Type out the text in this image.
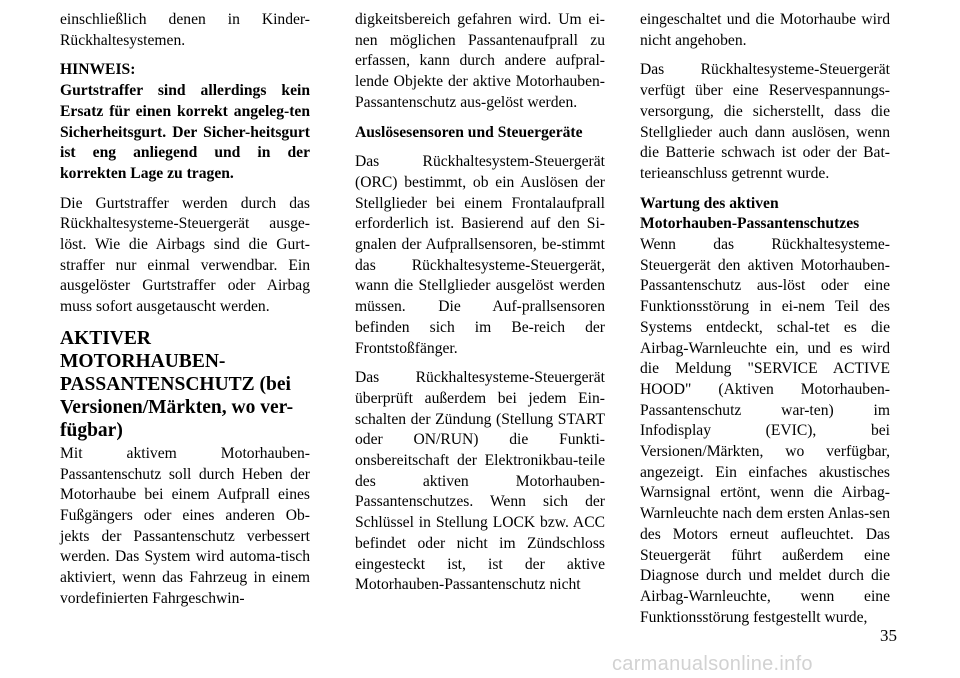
einschließlich denen in Kinder-Rückhaltesystemen.

HINWEIS:

Gurtstraffer sind allerdings kein Ersatz für einen korrekt angeleg-ten Sicherheitsgurt. Der Sicher-heitsgurt ist eng anliegend und in der korrekten Lage zu tragen.

Die Gurtstraffer werden durch das Rückhaltesysteme-Steuergerät ausge-löst. Wie die Airbags sind die Gurt-straffer nur einmal verwendbar. Ein ausgelöster Gurtstraffer oder Airbag muss sofort ausgetauscht werden.

AKTIVER MOTORHAUBEN-PASSANTENSCHUTZ (bei Versionen/Märkten, wo ver-fügbar)

Mit aktivem Motorhauben-Passantenschutz soll durch Heben der Motorhaube bei einem Aufprall eines Fußgängers oder eines anderen Ob-jekts der Passantenschutz verbessert werden. Das System wird automa-tisch aktiviert, wenn das Fahrzeug in einem vordefinierten Fahrgeschwin-

digkeitsbereich gefahren wird. Um ei-nen möglichen Passantenaufprall zu erfassen, kann durch andere aufpral-lende Objekte der aktive Motorhauben-Passantenschutz aus-gelöst werden.

Auslösesensoren und Steuergeräte

Das Rückhaltesystem-Steuergerät (ORC) bestimmt, ob ein Auslösen der Stellglieder bei einem Frontalaufprall erforderlich ist. Basierend auf den Si-gnalen der Aufprallsensoren, be-stimmt das Rückhaltesysteme-Steuergerät, wann die Stellglieder ausgelöst werden müssen. Die Auf-prallsensoren befinden sich im Be-reich der Frontstoßfänger.

Das Rückhaltesysteme-Steuergerät überprüft außerdem bei jedem Ein-schalten der Zündung (Stellung START oder ON/RUN) die Funkti-onsbereitschaft der Elektronikbau-teile des aktiven Motorhauben-Passantenschutzes. Wenn sich der Schlüssel in Stellung LOCK bzw. ACC befindet oder nicht im Zündschloss eingesteckt ist, ist der aktive Motorhauben-Passantenschutz nicht

eingeschaltet und die Motorhaube wird nicht angehoben.

Das Rückhaltesysteme-Steuergerät verfügt über eine Reservespannungs-versorgung, die sicherstellt, dass die Stellglieder auch dann auslösen, wenn die Batterie schwach ist oder der Bat-terieanschluss getrennt wurde.

Wartung des aktiven
Motorhauben-Passantenschutzes

Wenn das Rückhaltesysteme-Steuergerät den aktiven Motorhauben-Passantenschutz aus-löst oder eine Funktionsstörung in ei-nem Teil des Systems entdeckt, schal-tet es die Airbag-Warnleuchte ein, und es wird die Meldung "SERVICE ACTIVE HOOD" (Aktiven Motorhauben-Passantenschutz war-ten) im Infodisplay (EVIC), bei Versionen/Märkten, wo verfügbar, angezeigt. Ein einfaches akustisches Warnsignal ertönt, wenn die Airbag-Warnleuchte nach dem ersten Anlas-sen des Motors erneut aufleuchtet. Das Steuergerät führt außerdem eine Diagnose durch und meldet durch die Airbag-Warnleuchte, wenn eine Funktionsstörung festgestellt wurde,

35
carmanualsonline.info
